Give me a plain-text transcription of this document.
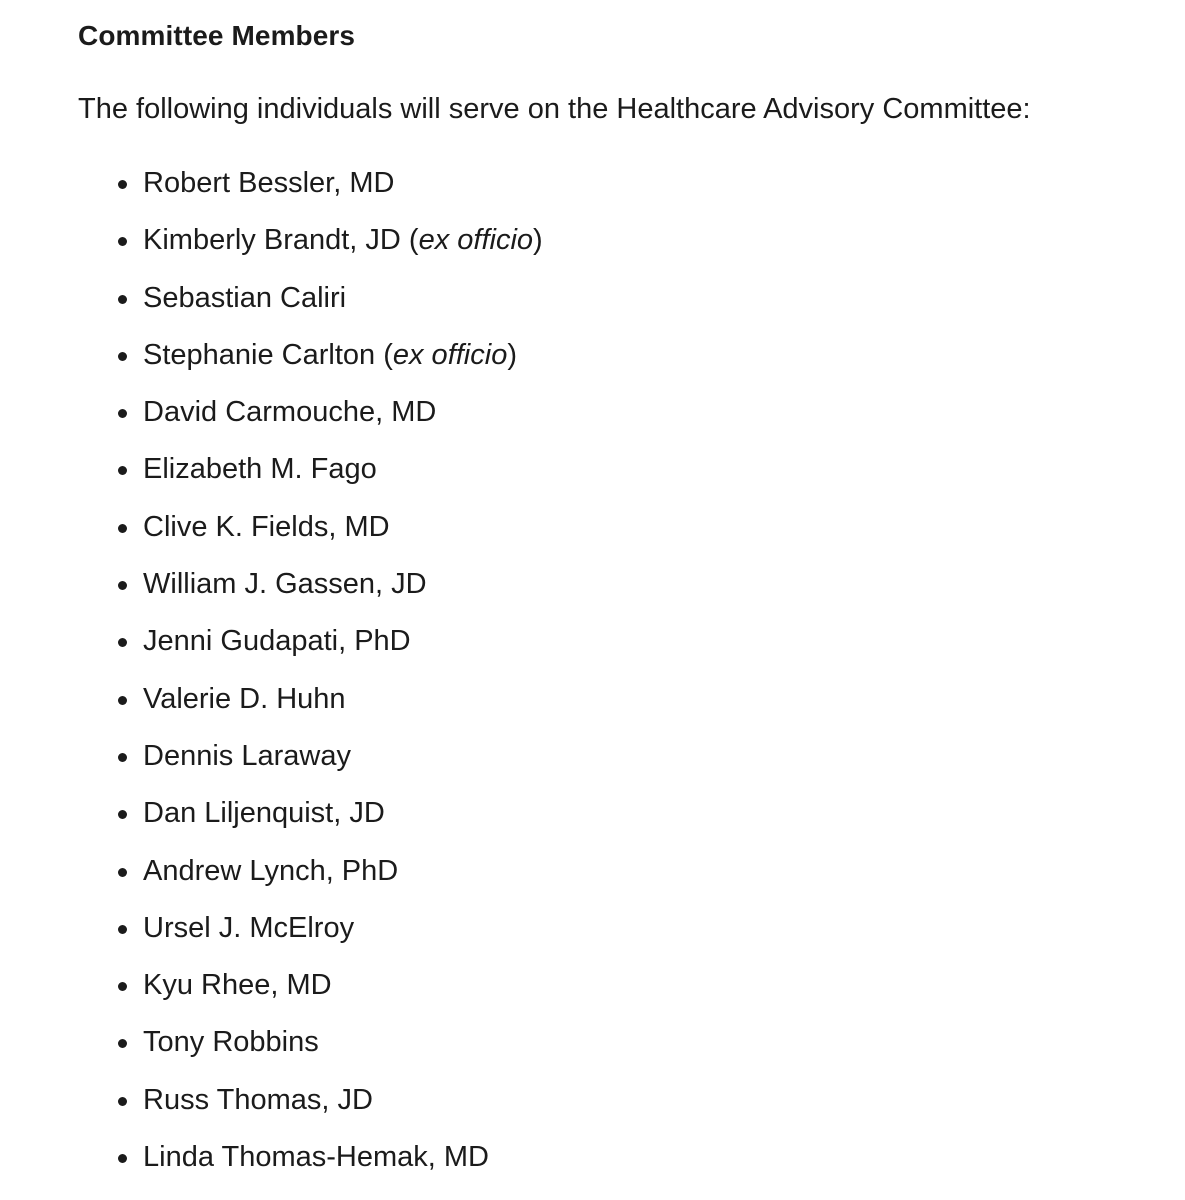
Committee Members

The following individuals will serve on the Healthcare Advisory Committee:

Robert Bessler, MD
Kimberly Brandt, JD (ex officio)
Sebastian Caliri
Stephanie Carlton (ex officio)
David Carmouche, MD
Elizabeth M. Fago
Clive K. Fields, MD
William J. Gassen, JD
Jenni Gudapati, PhD
Valerie D. Huhn
Dennis Laraway
Dan Liljenquist, JD
Andrew Lynch, PhD
Ursel J. McElroy
Kyu Rhee, MD
Tony Robbins
Russ Thomas, JD
Linda Thomas-Hemak, MD
